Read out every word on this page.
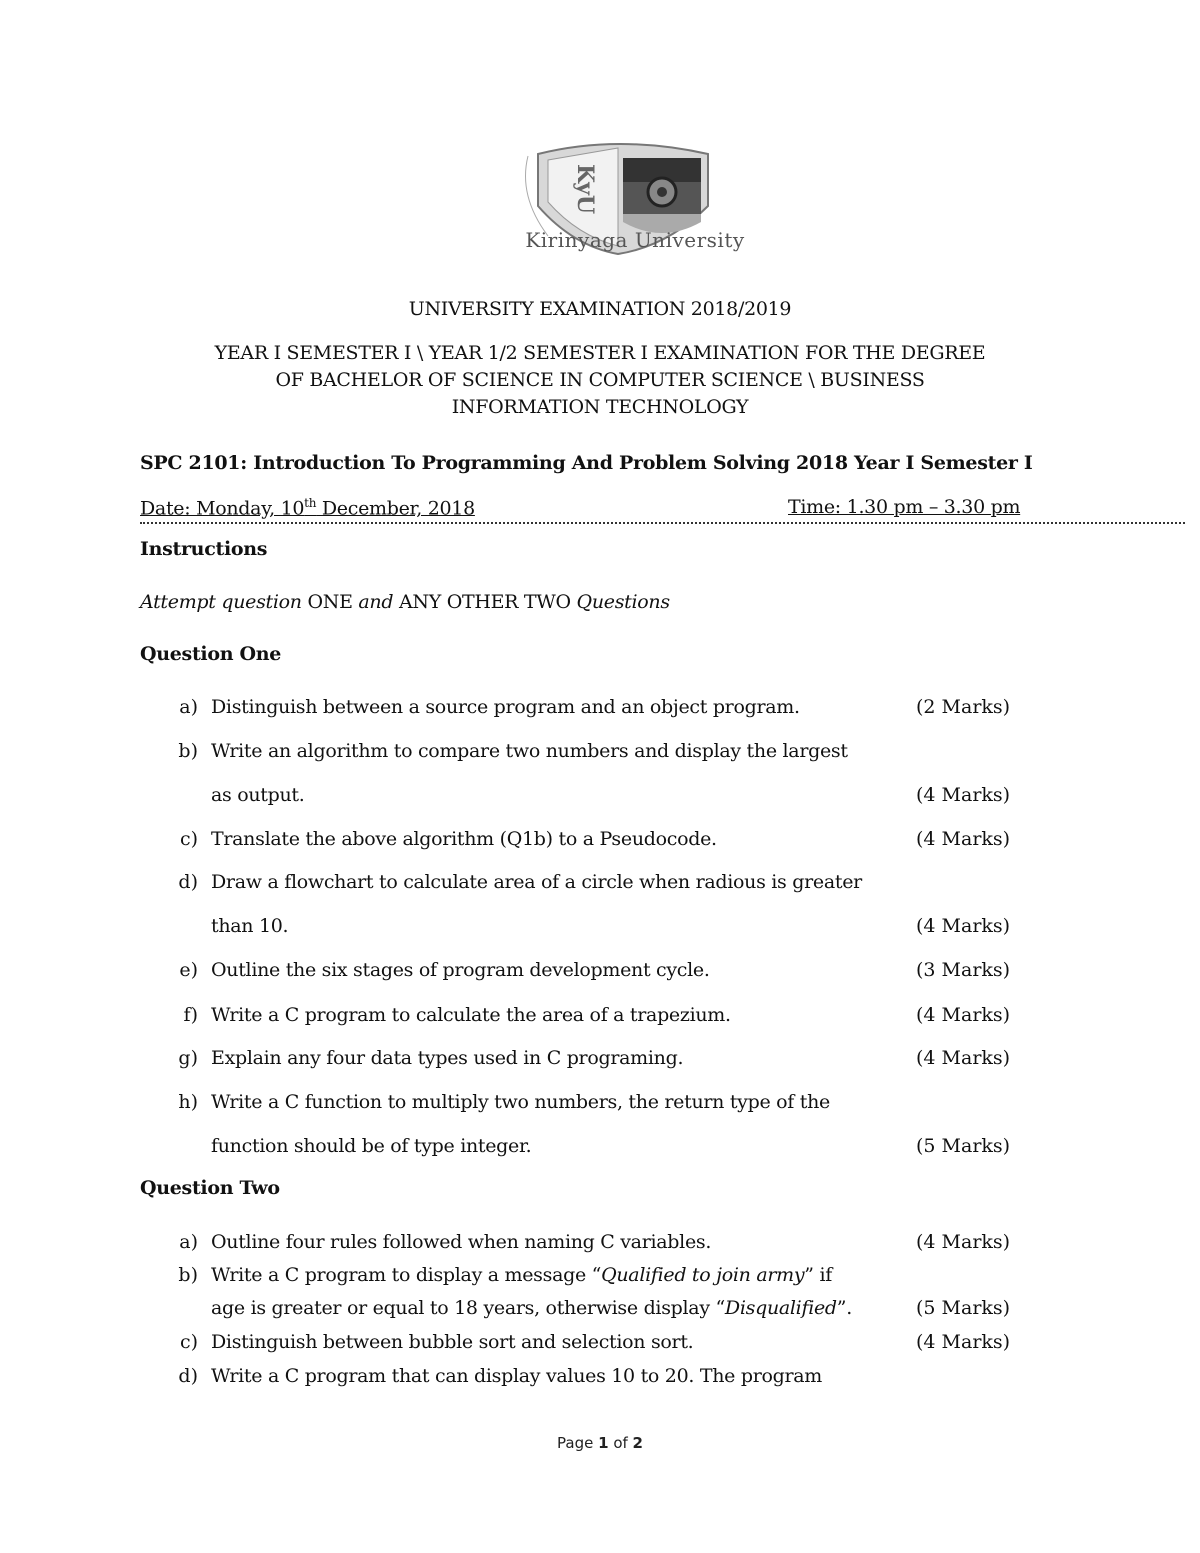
KyU
Kirinyaga University
UNIVERSITY EXAMINATION 2018/2019
YEAR I SEMESTER I \ YEAR 1/2 SEMESTER I EXAMINATION FOR THE DEGREE
OF BACHELOR OF SCIENCE IN COMPUTER SCIENCE \ BUSINESS
INFORMATION TECHNOLOGY
SPC 2101: Introduction To Programming And Problem Solving 2018 Year I Semester I
Date: Monday, 10th December, 2018	Time: 1.30 pm – 3.30 pm
Instructions
Attempt question ONE and ANY OTHER TWO Questions
Question One
a) Distinguish between a source program and an object program.	(2 Marks)
b) Write an algorithm to compare two numbers and display the largest
as output.	(4 Marks)
c) Translate the above algorithm (Q1b) to a Pseudocode.	(4 Marks)
d) Draw a flowchart to calculate area of a circle when radious is greater
than 10.	(4 Marks)
e) Outline the six stages of program development cycle.	(3 Marks)
f) Write a C program to calculate the area of a trapezium.	(4 Marks)
g) Explain any four data types used in C programing.	(4 Marks)
h) Write a C function to multiply two numbers, the return type of the
function should be of type integer.	(5 Marks)
Question Two
a) Outline four rules followed when naming C variables.	(4 Marks)
b) Write a C program to display a message “Qualified to join army” if
age is greater or equal to 18 years, otherwise display “Disqualified”.	(5 Marks)
c) Distinguish between bubble sort and selection sort.	(4 Marks)
d) Write a C program that can display values 10 to 20. The program
Page 1 of 2
